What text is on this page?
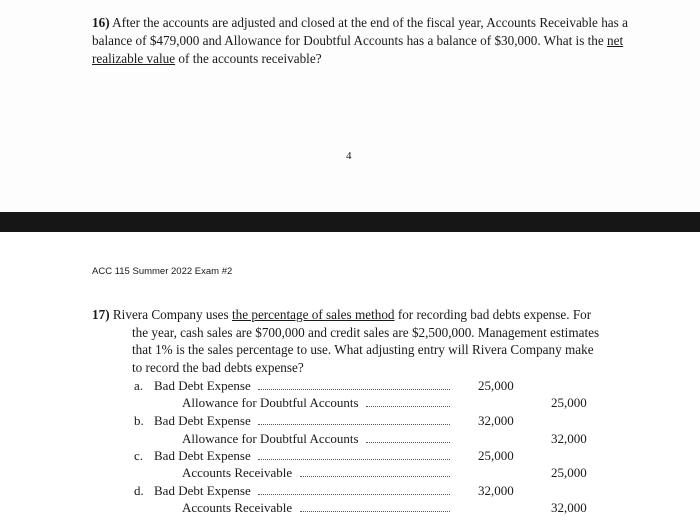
16) After the accounts are adjusted and closed at the end of the fiscal year, Accounts Receivable has a balance of $479,000 and Allowance for Doubtful Accounts has a balance of $30,000. What is the net realizable value of the accounts receivable?
4
ACC 115 Summer 2022 Exam #2
17) Rivera Company uses the percentage of sales method for recording bad debts expense. For
the year, cash sales are $700,000 and credit sales are $2,500,000. Management estimates
that 1% is the sales percentage to use. What adjusting entry will Rivera Company make
to record the bad debts expense?
a. Bad Debt Expense	25,000
Allowance for Doubtful Accounts	25,000
b. Bad Debt Expense	32,000
Allowance for Doubtful Accounts	32,000
c. Bad Debt Expense	25,000
Accounts Receivable	25,000
d. Bad Debt Expense	32,000
Accounts Receivable	32,000
